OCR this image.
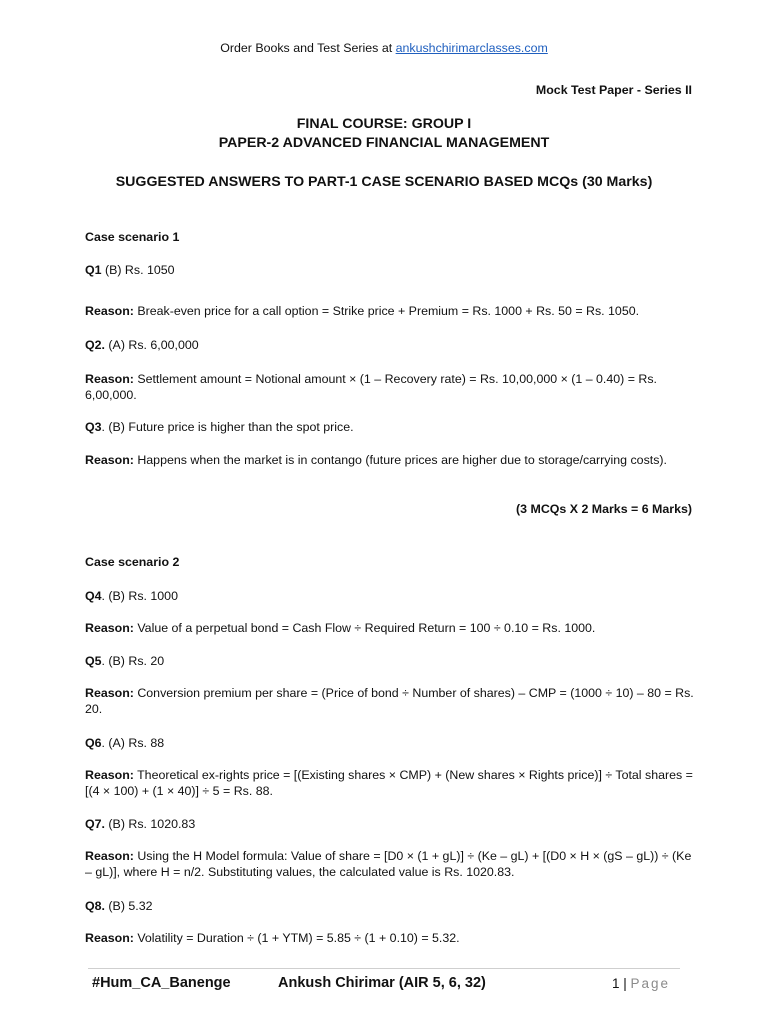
Order Books and Test Series at ankushchirimarclasses.com
Mock Test Paper - Series II
FINAL COURSE: GROUP I
PAPER-2 ADVANCED FINANCIAL MANAGEMENT
SUGGESTED ANSWERS TO PART-1 CASE SCENARIO BASED MCQs (30 Marks)
Case scenario 1
Q1 (B) Rs. 1050
Reason: Break-even price for a call option = Strike price + Premium = Rs. 1000 + Rs. 50 = Rs. 1050.
Q2. (A) Rs. 6,00,000
Reason: Settlement amount = Notional amount × (1 – Recovery rate) = Rs. 10,00,000 × (1 – 0.40) = Rs. 6,00,000.
Q3. (B) Future price is higher than the spot price.
Reason: Happens when the market is in contango (future prices are higher due to storage/carrying costs).
(3 MCQs X 2 Marks = 6 Marks)
Case scenario 2
Q4. (B) Rs. 1000
Reason: Value of a perpetual bond = Cash Flow ÷ Required Return = 100 ÷ 0.10 = Rs. 1000.
Q5. (B) Rs. 20
Reason: Conversion premium per share = (Price of bond ÷ Number of shares) – CMP = (1000 ÷ 10) – 80 = Rs. 20.
Q6. (A) Rs. 88
Reason: Theoretical ex-rights price = [(Existing shares × CMP) + (New shares × Rights price)] ÷ Total shares = [(4 × 100) + (1 × 40)] ÷ 5 = Rs. 88.
Q7. (B) Rs. 1020.83
Reason: Using the H Model formula: Value of share = [D0 × (1 + gL)] ÷ (Ke – gL) + [(D0 × H × (gS – gL)) ÷ (Ke – gL)], where H = n/2. Substituting values, the calculated value is Rs. 1020.83.
Q8. (B) 5.32
Reason: Volatility = Duration ÷ (1 + YTM) = 5.85 ÷ (1 + 0.10) = 5.32.
#Hum_CA_Banenge	Ankush Chirimar (AIR 5, 6, 32)	1 | Page
